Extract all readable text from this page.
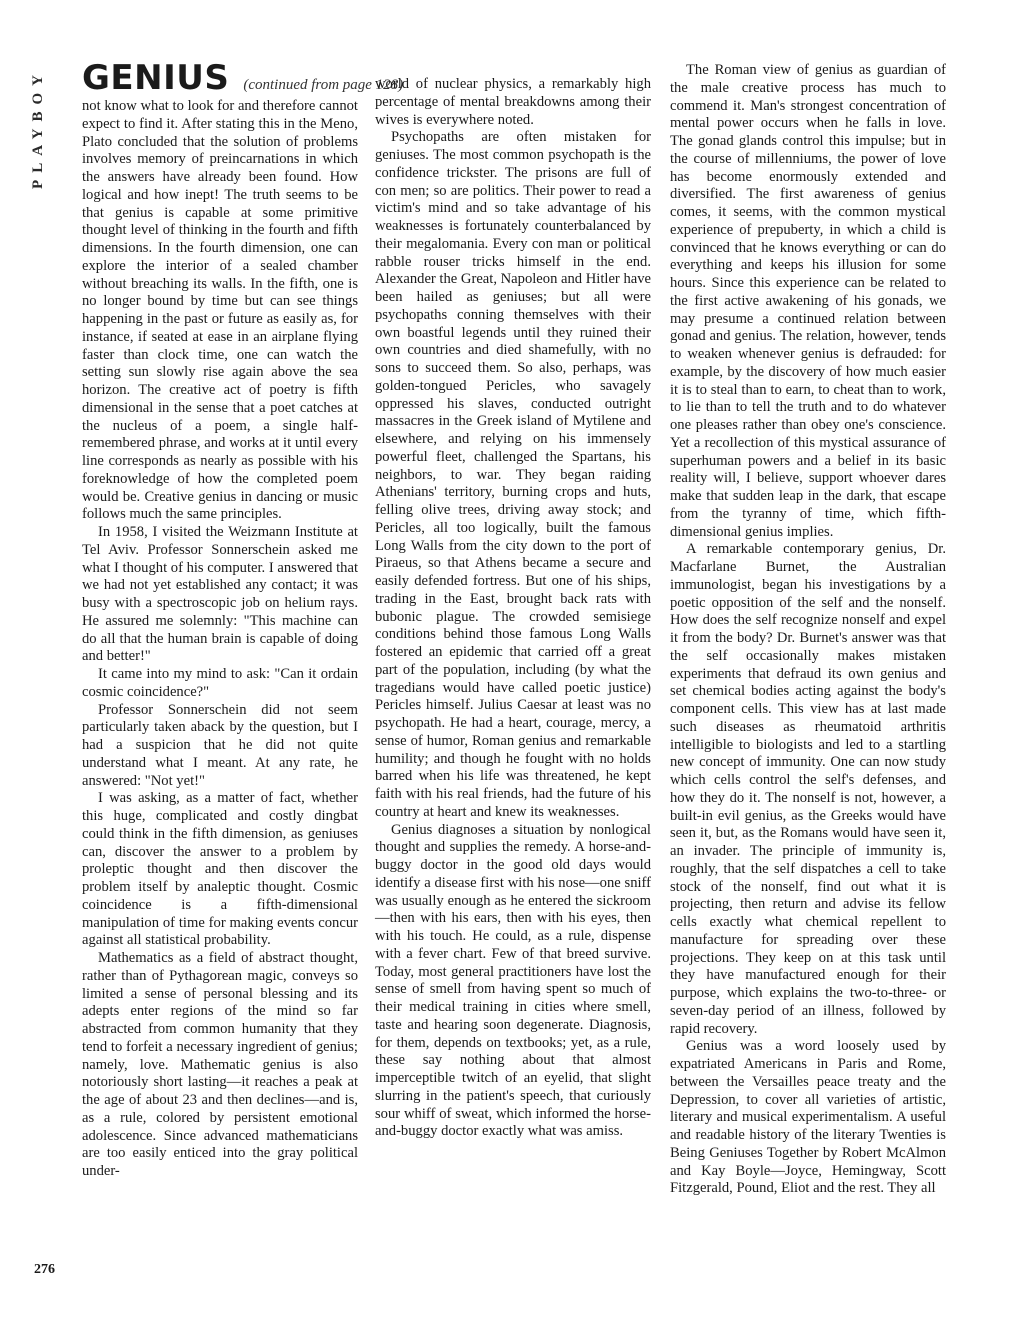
PLAYBOY GENIUS (continued from page 128)

not know what to look for and therefore cannot expect to find it. After stating this in the Meno, Plato concluded that the solution of problems involves memory of preincarnations in which the answers have already been found. How logical and how inept! The truth seems to be that genius is capable at some primitive thought level of thinking in the fourth and fifth dimensions. In the fourth dimension, one can explore the interior of a sealed chamber without breaching its walls. In the fifth, one is no longer bound by time but can see things happening in the past or future as easily as, for instance, if seated at ease in an airplane flying faster than clock time, one can watch the setting sun slowly rise again above the sea horizon. The creative act of poetry is fifth dimensional in the sense that a poet catches at the nucleus of a poem, a single half-remembered phrase, and works at it until every line corresponds as nearly as possible with his foreknowledge of how the completed poem would be. Creative genius in dancing or music follows much the same principles.

In 1958, I visited the Weizmann Institute at Tel Aviv. Professor Sonnerschein asked me what I thought of his computer. I answered that we had not yet established any contact; it was busy with a spectroscopic job on helium rays. He assured me solemnly: "This machine can do all that the human brain is capable of doing and better!"

It came into my mind to ask: "Can it ordain cosmic coincidence?"

Professor Sonnerschein did not seem particularly taken aback by the question, but I had a suspicion that he did not quite understand what I meant. At any rate, he answered: "Not yet!"

I was asking, as a matter of fact, whether this huge, complicated and costly dingbat could think in the fifth dimension, as geniuses can, discover the answer to a problem by proleptic thought and then discover the problem itself by analeptic thought. Cosmic coincidence is a fifth-dimensional manipulation of time for making events concur against all statistical probability.

Mathematics as a field of abstract thought, rather than of Pythagorean magic, conveys so limited a sense of personal blessing and its adepts enter regions of the mind so far abstracted from common humanity that they tend to forfeit a necessary ingredient of genius; namely, love. Mathematic genius is also notoriously short lasting—it reaches a peak at the age of about 23 and then declines—and is, as a rule, colored by persistent emotional adolescence. Since advanced mathematicians are too easily enticed into the gray political under-

world of nuclear physics, a remarkably high percentage of mental breakdowns among their wives is everywhere noted.

Psychopaths are often mistaken for geniuses. The most common psychopath is the confidence trickster. The prisons are full of con men; so are politics. Their power to read a victim's mind and so take advantage of his weaknesses is fortunately counterbalanced by their megalomania. Every con man or political rabble rouser tricks himself in the end. Alexander the Great, Napoleon and Hitler have been hailed as geniuses; but all were psychopaths conning themselves with their own boastful legends until they ruined their own countries and died shamefully, with no sons to succeed them. So also, perhaps, was golden-tongued Pericles, who savagely oppressed his slaves, conducted outright massacres in the Greek island of Mytilene and elsewhere, and relying on his immensely powerful fleet, challenged the Spartans, his neighbors, to war. They began raiding Athenians' territory, burning crops and huts, felling olive trees, driving away stock; and Pericles, all too logically, built the famous Long Walls from the city down to the port of Piraeus, so that Athens became a secure and easily defended fortress. But one of his ships, trading in the East, brought back rats with bubonic plague. The crowded semisiege conditions behind those famous Long Walls fostered an epidemic that carried off a great part of the population, including (by what the tragedians would have called poetic justice) Pericles himself. Julius Caesar at least was no psychopath. He had a heart, courage, mercy, a sense of humor, Roman genius and remarkable humility; and though he fought with no holds barred when his life was threatened, he kept faith with his real friends, had the future of his country at heart and knew its weaknesses.

Genius diagnoses a situation by nonlogical thought and supplies the remedy. A horse-and-buggy doctor in the good old days would identify a disease first with his nose—one sniff was usually enough as he entered the sickroom—then with his ears, then with his eyes, then with his touch. He could, as a rule, dispense with a fever chart. Few of that breed survive. Today, most general practitioners have lost the sense of smell from having spent so much of their medical training in cities where smell, taste and hearing soon degenerate. Diagnosis, for them, depends on textbooks; yet, as a rule, these say nothing about that almost imperceptible twitch of an eyelid, that slight slurring in the patient's speech, that curiously sour whiff of sweat, which informed the horse-and-buggy doctor exactly what was amiss.

The Roman view of genius as guardian of the male creative process has much to commend it. Man's strongest concentration of mental power occurs when he falls in love. The gonad glands control this impulse; but in the course of millenniums, the power of love has become enormously extended and diversified. The first awareness of genius comes, it seems, with the common mystical experience of prepuberty, in which a child is convinced that he knows everything or can do everything and keeps his illusion for some hours. Since this experience can be related to the first active awakening of his gonads, we may presume a continued relation between gonad and genius. The relation, however, tends to weaken whenever genius is defrauded: for example, by the discovery of how much easier it is to steal than to earn, to cheat than to work, to lie than to tell the truth and to do whatever one pleases rather than obey one's conscience. Yet a recollection of this mystical assurance of superhuman powers and a belief in its basic reality will, I believe, support whoever dares make that sudden leap in the dark, that escape from the tyranny of time, which fifth-dimensional genius implies.

A remarkable contemporary genius, Dr. Macfarlane Burnet, the Australian immunologist, began his investigations by a poetic opposition of the self and the nonself. How does the self recognize nonself and expel it from the body? Dr. Burnet's answer was that the self occasionally makes mistaken experiments that defraud its own genius and set chemical bodies acting against the body's component cells. This view has at last made such diseases as rheumatoid arthritis intelligible to biologists and led to a startling new concept of immunity. One can now study which cells control the self's defenses, and how they do it. The nonself is not, however, a built-in evil genius, as the Greeks would have seen it, but, as the Romans would have seen it, an invader. The principle of immunity is, roughly, that the self dispatches a cell to take stock of the nonself, find out what it is projecting, then return and advise its fellow cells exactly what chemical repellent to manufacture for spreading over these projections. They keep on at this task until they have manufactured enough for their purpose, which explains the two-to-three- or seven-day period of an illness, followed by rapid recovery.

Genius was a word loosely used by expatriated Americans in Paris and Rome, between the Versailles peace treaty and the Depression, to cover all varieties of artistic, literary and musical experimentalism. A useful and readable history of the literary Twenties is Being Geniuses Together by Robert McAlmon and Kay Boyle—Joyce, Hemingway, Scott Fitzgerald, Pound, Eliot and the rest. They all

276
